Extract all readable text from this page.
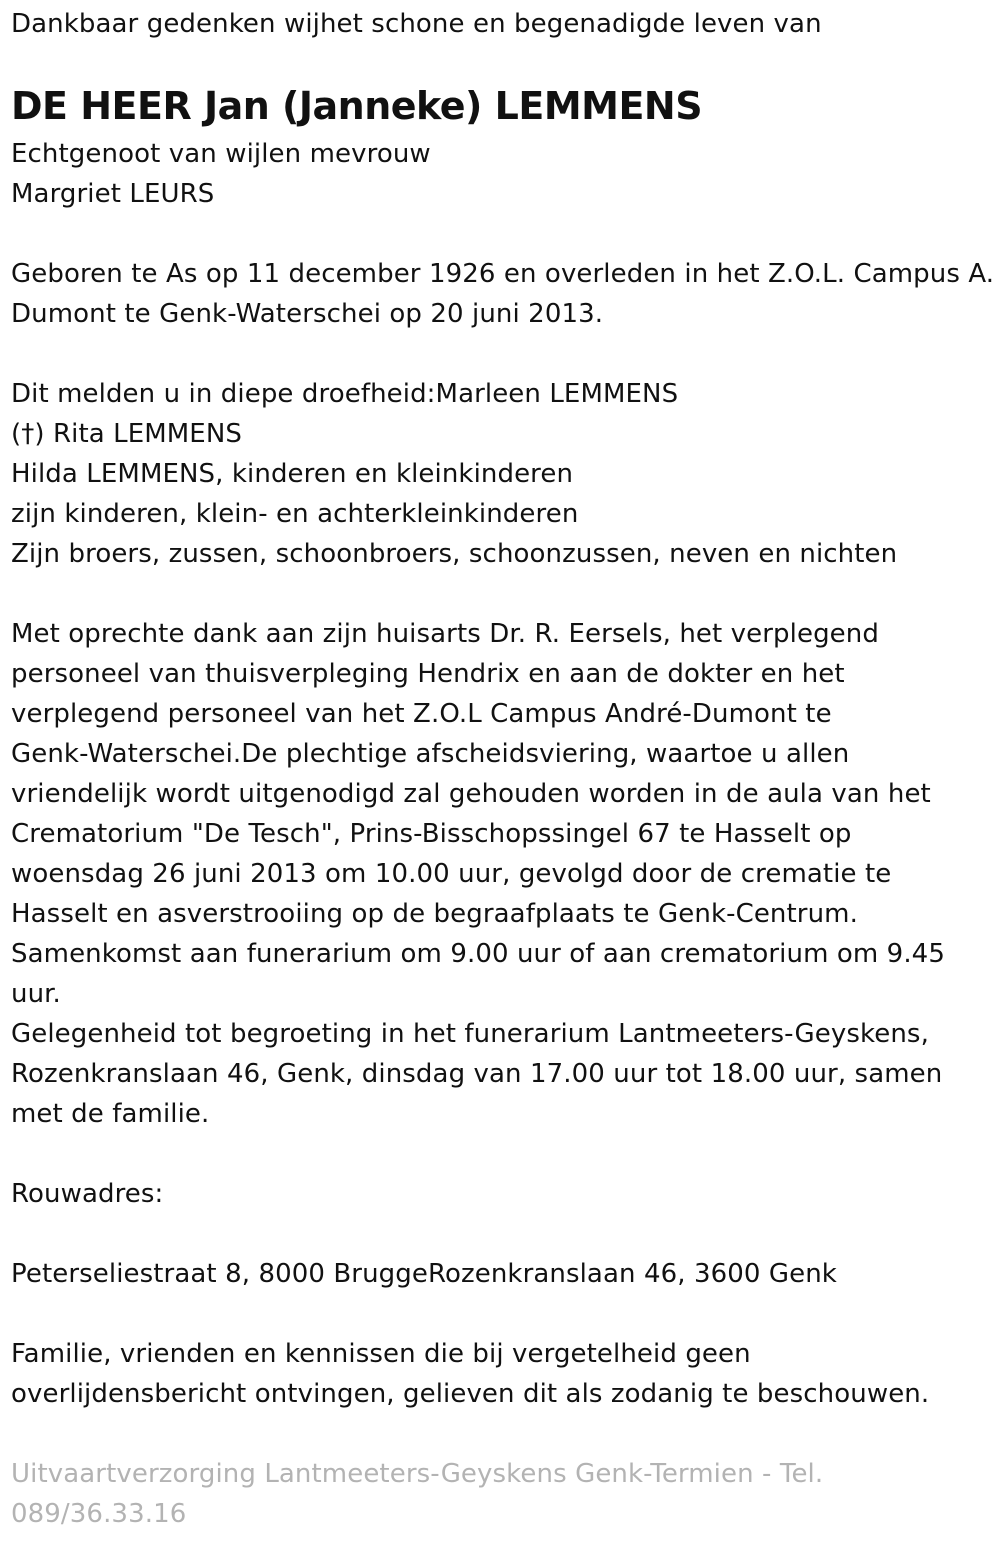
Dankbaar gedenken wijhet schone en begenadigde leven van
DE HEER Jan (Janneke) LEMMENS
Echtgenoot van wijlen mevrouw
Margriet LEURS
Geboren te As op 11 december 1926 en overleden in het Z.O.L. Campus A.
Dumont te Genk-Waterschei op 20 juni 2013.
Dit melden u in diepe droefheid:Marleen LEMMENS
(†) Rita LEMMENS
Hilda LEMMENS, kinderen en kleinkinderen
zijn kinderen, klein- en achterkleinkinderen
Zijn broers, zussen, schoonbroers, schoonzussen, neven en nichten
Met oprechte dank aan zijn huisarts Dr. R. Eersels, het verplegend
personeel van thuisverpleging Hendrix en aan de dokter en het
verplegend personeel van het Z.O.L Campus André-Dumont te
Genk-Waterschei.De plechtige afscheidsviering, waartoe u allen
vriendelijk wordt uitgenodigd zal gehouden worden in de aula van het
Crematorium "De Tesch", Prins-Bisschopssingel 67 te Hasselt op
woensdag 26 juni 2013 om 10.00 uur, gevolgd door de crematie te
Hasselt en asverstrooiing op de begraafplaats te Genk-Centrum.
Samenkomst aan funerarium om 9.00 uur of aan crematorium om 9.45
uur.
Gelegenheid tot begroeting in het funerarium Lantmeeters-Geyskens,
Rozenkranslaan 46, Genk, dinsdag van 17.00 uur tot 18.00 uur, samen
met de familie.
Rouwadres:
Peterseliestraat 8, 8000 BruggeRozenkranslaan 46, 3600 Genk
Familie, vrienden en kennissen die bij vergetelheid geen
overlijdensbericht ontvingen, gelieven dit als zodanig te beschouwen.
Uitvaartverzorging Lantmeeters-Geyskens Genk-Termien - Tel.
089/36.33.16
